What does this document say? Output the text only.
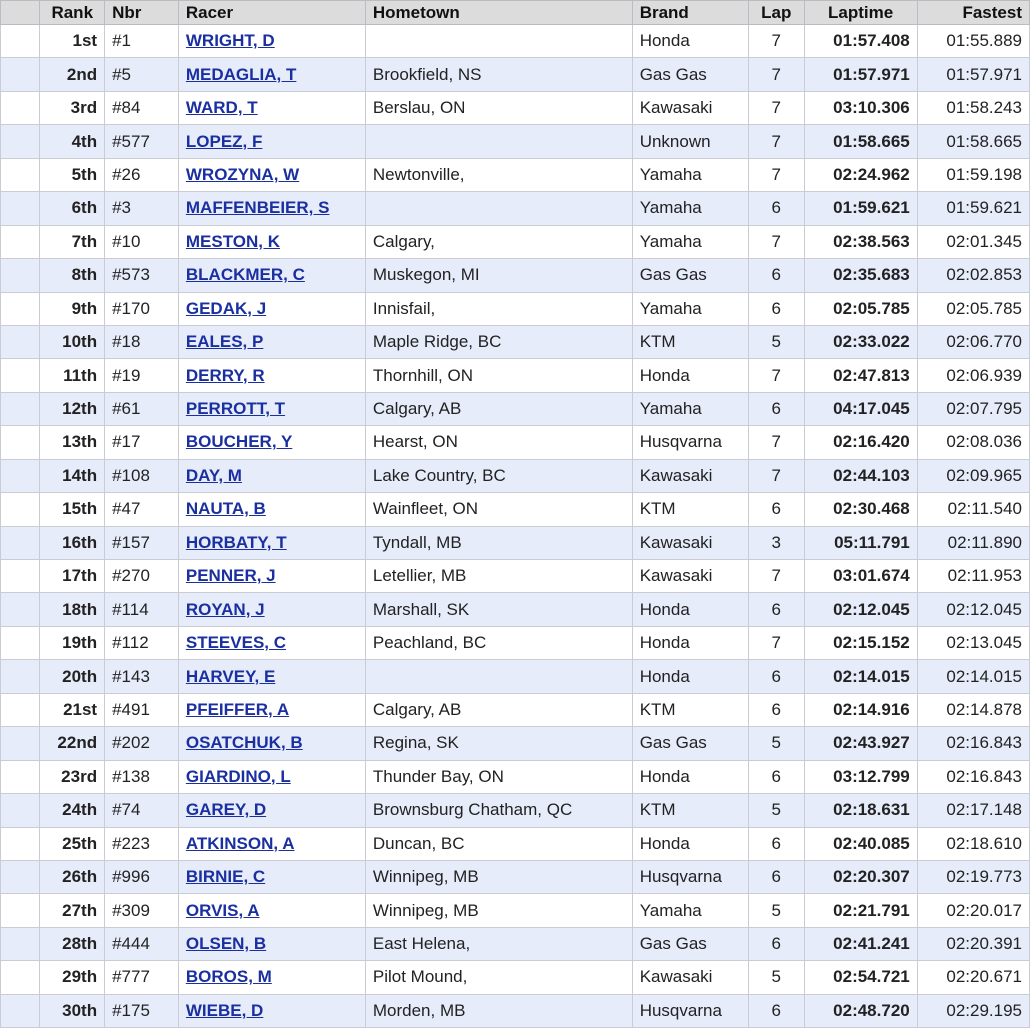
	Rank	Nbr	Racer	Hometown	Brand	Lap	Laptime	Fastest
	1st	#1	WRIGHT, D		Honda	7	01:57.408	01:55.889
	2nd	#5	MEDAGLIA, T	Brookfield, NS	Gas Gas	7	01:57.971	01:57.971
	3rd	#84	WARD, T	Berslau, ON	Kawasaki	7	03:10.306	01:58.243
	4th	#577	LOPEZ, F		Unknown	7	01:58.665	01:58.665
	5th	#26	WROZYNA, W	Newtonville,	Yamaha	7	02:24.962	01:59.198
	6th	#3	MAFFENBEIER, S		Yamaha	6	01:59.621	01:59.621
	7th	#10	MESTON, K	Calgary,	Yamaha	7	02:38.563	02:01.345
	8th	#573	BLACKMER, C	Muskegon, MI	Gas Gas	6	02:35.683	02:02.853
	9th	#170	GEDAK, J	Innisfail,	Yamaha	6	02:05.785	02:05.785
	10th	#18	EALES, P	Maple Ridge, BC	KTM	5	02:33.022	02:06.770
	11th	#19	DERRY, R	Thornhill, ON	Honda	7	02:47.813	02:06.939
	12th	#61	PERROTT, T	Calgary, AB	Yamaha	6	04:17.045	02:07.795
	13th	#17	BOUCHER, Y	Hearst, ON	Husqvarna	7	02:16.420	02:08.036
	14th	#108	DAY, M	Lake Country, BC	Kawasaki	7	02:44.103	02:09.965
	15th	#47	NAUTA, B	Wainfleet, ON	KTM	6	02:30.468	02:11.540
	16th	#157	HORBATY, T	Tyndall, MB	Kawasaki	3	05:11.791	02:11.890
	17th	#270	PENNER, J	Letellier, MB	Kawasaki	7	03:01.674	02:11.953
	18th	#114	ROYAN, J	Marshall, SK	Honda	6	02:12.045	02:12.045
	19th	#112	STEEVES, C	Peachland, BC	Honda	7	02:15.152	02:13.045
	20th	#143	HARVEY, E		Honda	6	02:14.015	02:14.015
	21st	#491	PFEIFFER, A	Calgary, AB	KTM	6	02:14.916	02:14.878
	22nd	#202	OSATCHUK, B	Regina, SK	Gas Gas	5	02:43.927	02:16.843
	23rd	#138	GIARDINO, L	Thunder Bay, ON	Honda	6	03:12.799	02:16.843
	24th	#74	GAREY, D	Brownsburg Chatham, QC	KTM	5	02:18.631	02:17.148
	25th	#223	ATKINSON, A	Duncan, BC	Honda	6	02:40.085	02:18.610
	26th	#996	BIRNIE, C	Winnipeg, MB	Husqvarna	6	02:20.307	02:19.773
	27th	#309	ORVIS, A	Winnipeg, MB	Yamaha	5	02:21.791	02:20.017
	28th	#444	OLSEN, B	East Helena,	Gas Gas	6	02:41.241	02:20.391
	29th	#777	BOROS, M	Pilot Mound,	Kawasaki	5	02:54.721	02:20.671
	30th	#175	WIEBE, D	Morden, MB	Husqvarna	6	02:48.720	02:29.195
